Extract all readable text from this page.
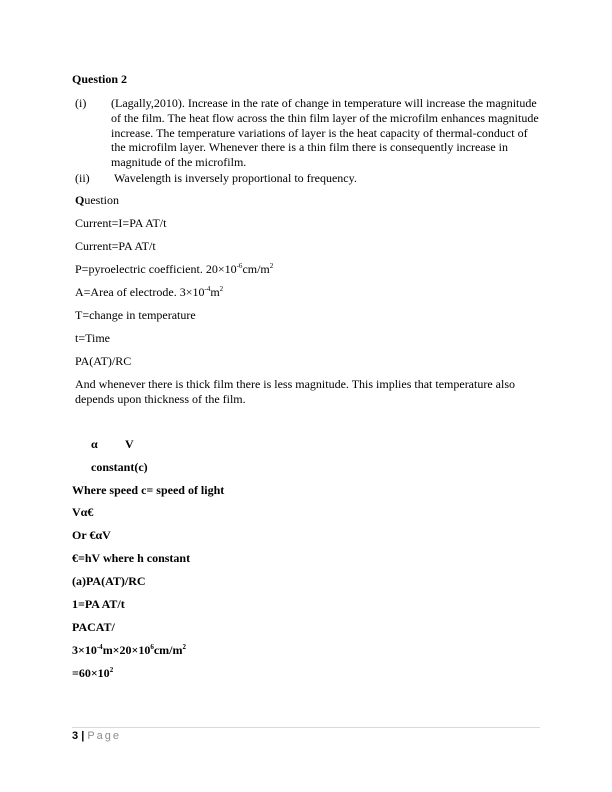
Question 2
(i) (Lagally,2010). Increase in the rate of change in temperature will increase the magnitude of the film. The heat flow across the thin film layer of the microfilm enhances magnitude increase. The temperature variations of layer is the heat capacity of thermal-conduct of the microfilm layer. Whenever there is a thin film there is consequently increase in magnitude of the microfilm.
(ii) Wavelength is inversely proportional to frequency.
Question
Current=I=PA AT/t
Current=PA AT/t
P=pyroelectric coefficient. $20\times 10^{-6}cm/m^2$
A=Area of electrode. $3\times 10^{-4}m^2$
T=change in temperature
t=Time
PA(AT)/RC
And whenever there is thick film there is less magnitude. This implies that temperature also depends upon thickness of the film.
α V
constant(c)
Where speed c= speed of light
Vα€
Or €αV
€=hV where h constant
(a)PA(AT)/RC
1=PA AT/t
PACAT/
$3\times 10^{-4}m\times 20\times 10^6cm/m^2$
$=60\times 10^2$
3 | Page
